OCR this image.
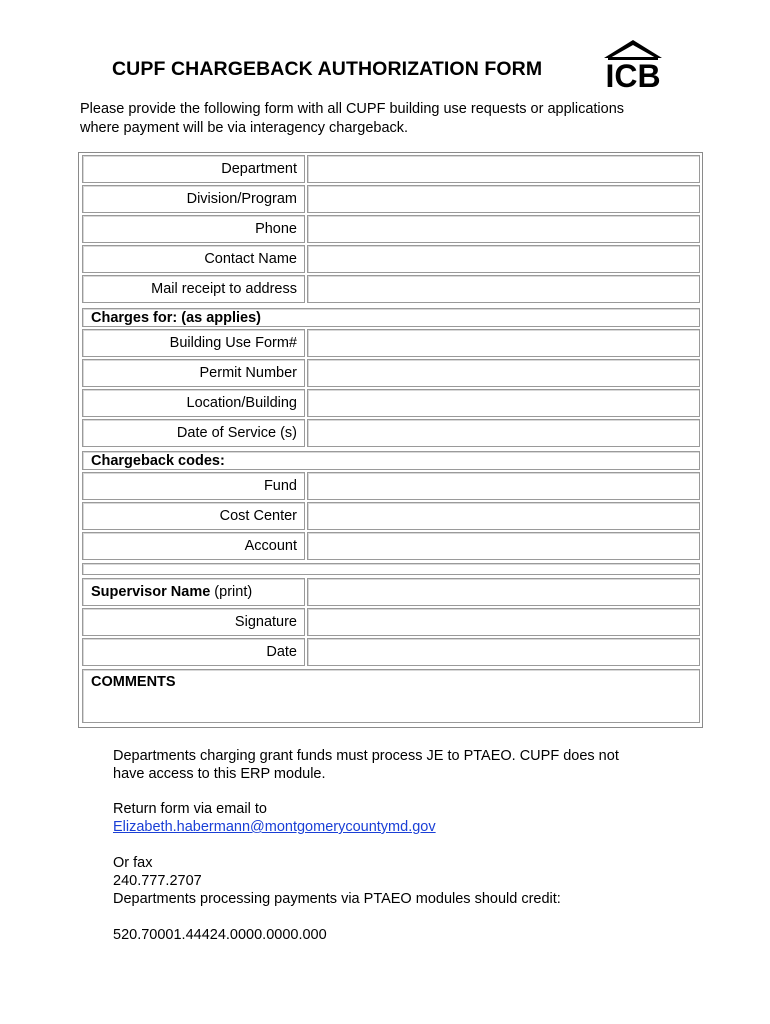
CUPF CHARGEBACK AUTHORIZATION FORM ICB
Please provide the following form with all CUPF building use requests or applications
where payment will be via interagency chargeback.
Department
Division/Program
Phone
Contact Name
Mail receipt to address
Charges for: (as applies)
Building Use Form#
Permit Number
Location/Building
Date of Service (s)
Chargeback codes:
Fund
Cost Center
Account
Supervisor Name (print)
Signature
Date
COMMENTS
Departments charging grant funds must process JE to PTAEO. CUPF does not
have access to this ERP module.
Return form via email to
Elizabeth.habermann@montgomerycountymd.gov
Or fax
240.777.2707
Departments processing payments via PTAEO modules should credit:
520.70001.44424.0000.0000.000
